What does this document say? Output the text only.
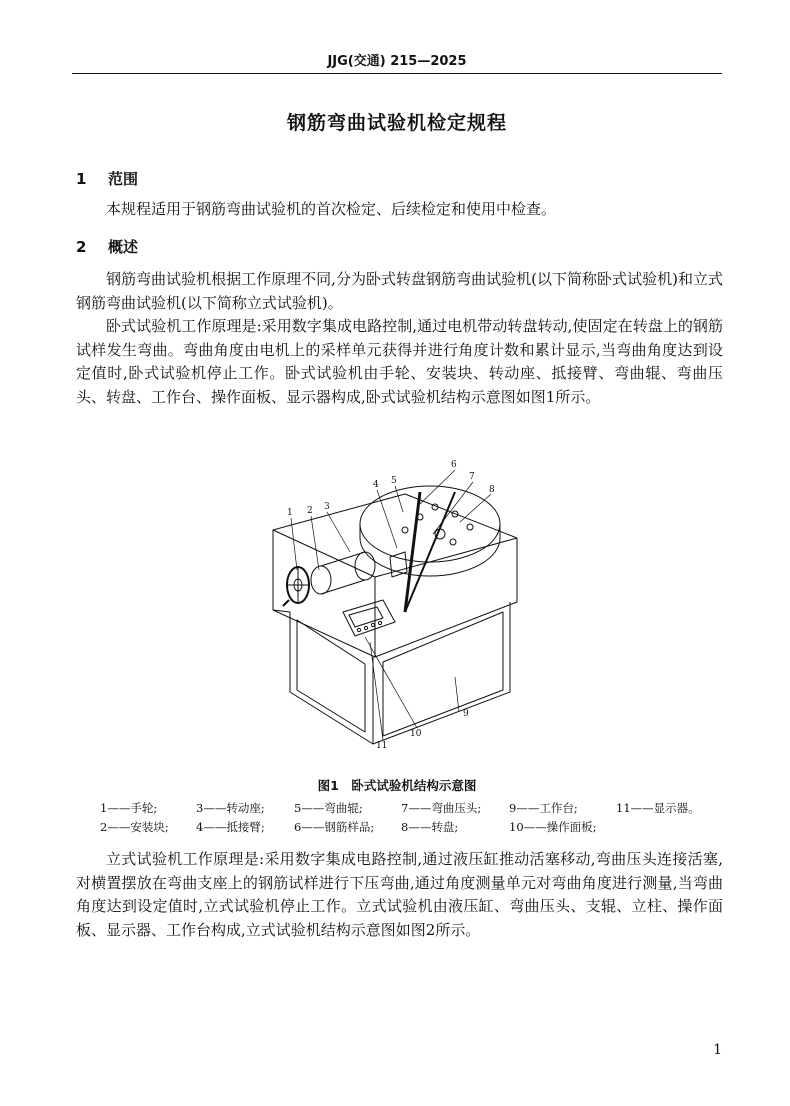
JJG(交通) 215—2025
钢筋弯曲试验机检定规程
1 范围

本规程适用于钢筋弯曲试验机的首次检定、后续检定和使用中检查。

2 概述

钢筋弯曲试验机根据工作原理不同,分为卧式转盘钢筋弯曲试验机(以下简称卧式试验机)和立式钢筋弯曲试验机(以下简称立式试验机)。

卧式试验机工作原理是:采用数字集成电路控制,通过电机带动转盘转动,使固定在转盘上的钢筋试样发生弯曲。弯曲角度由电机上的采样单元获得并进行角度计数和累计显示,当弯曲角度达到设定值时,卧式试验机停止工作。卧式试验机由手轮、安装块、转动座、抵接臂、弯曲辊、弯曲压头、转盘、工作台、操作面板、显示器构成,卧式试验机结构示意图如图1所示。

1 2 3
4 5
6
7
8
9
10
11
图1　卧式试验机结构示意图
1——手轮;	3——转动座;	5——弯曲辊;	7——弯曲压头; 9——工作台;	11——显示器。
2——安装块; 4——抵接臂;	6——钢筋样品; 8——转盘;	10——操作面板;

立式试验机工作原理是:采用数字集成电路控制,通过液压缸推动活塞移动,弯曲压头连接活塞,对横置摆放在弯曲支座上的钢筋试样进行下压弯曲,通过角度测量单元对弯曲角度进行测量,当弯曲角度达到设定值时,立式试验机停止工作。立式试验机由液压缸、弯曲压头、支辊、立柱、操作面板、显示器、工作台构成,立式试验机结构示意图如图2所示。

1
